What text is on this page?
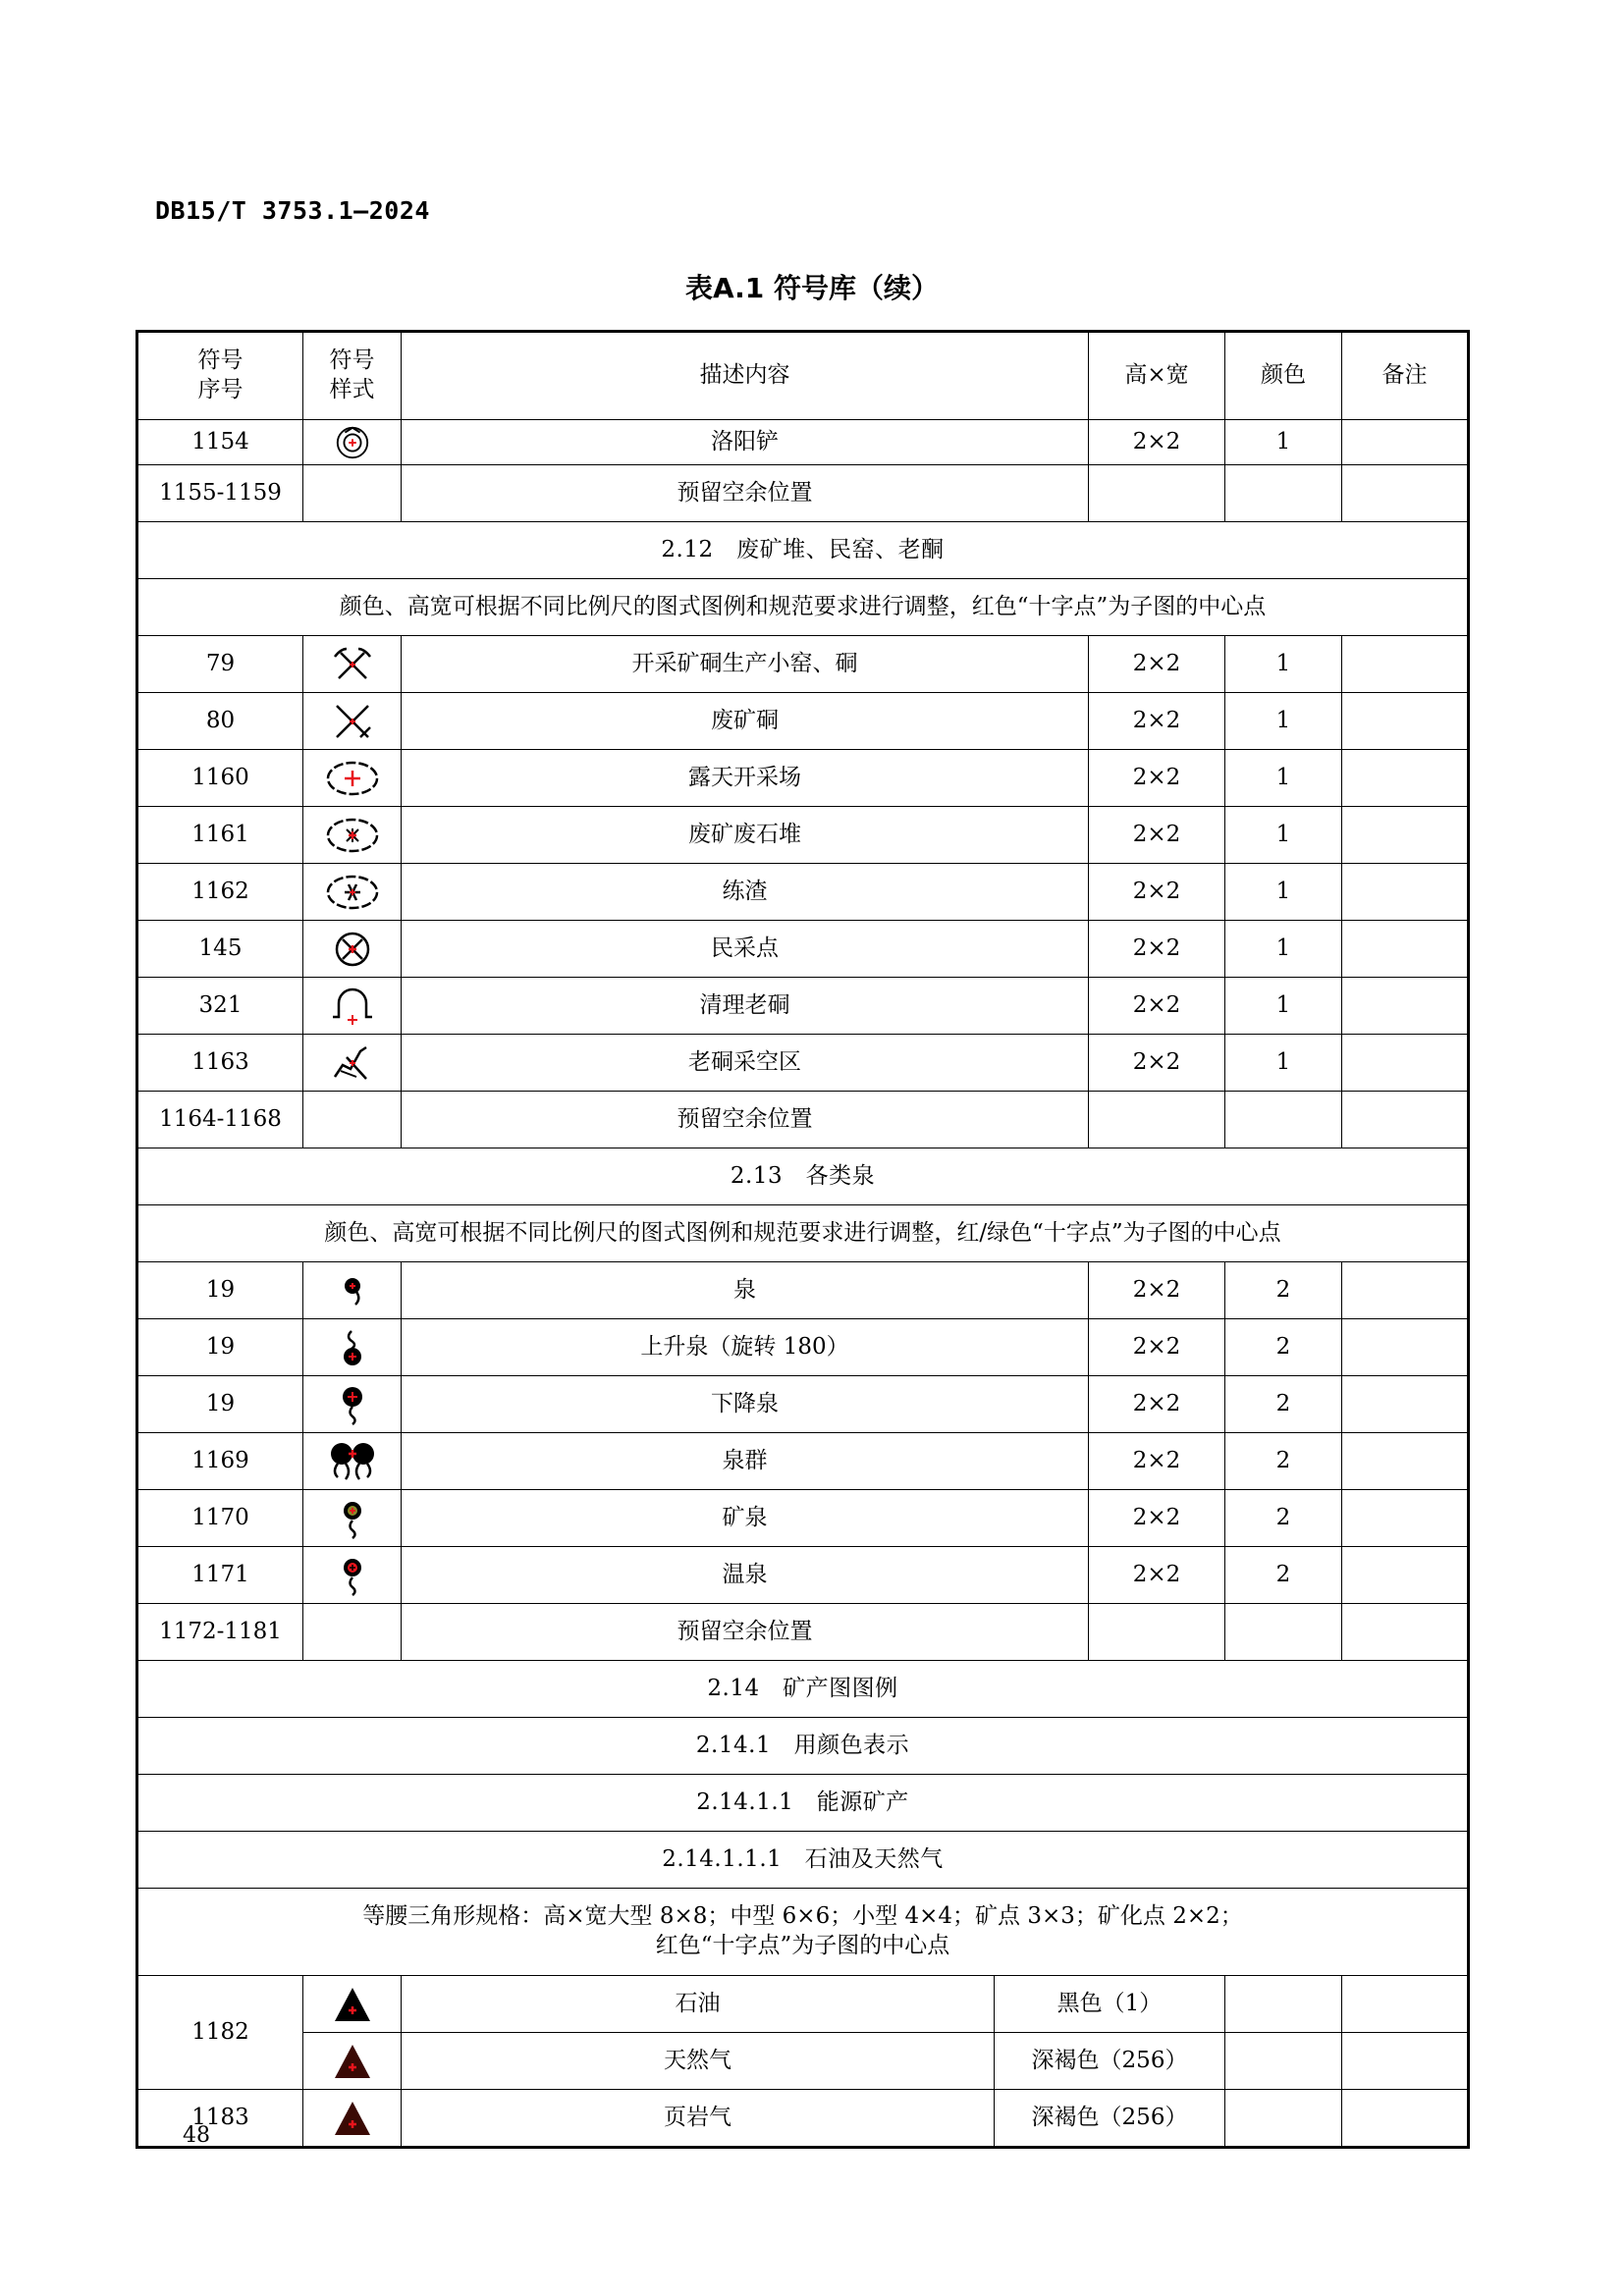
DB15/T 3753.1—2024
表A.1 符号库（续）
符号
序号	符号
样式	描述内容		高×宽	颜色	备注
1154		洛阳铲		2×2	1	
1155-1159		预留空余位置				
2.12　废矿堆、民窑、老酮						
颜色、高宽可根据不同比例尺的图式图例和规范要求进行调整，红色“十字点”为子图的中心点						
79		开采矿硐生产小窑、硐		2×2	1	
80		废矿硐		2×2	1	
1160		露天开采场		2×2	1	
1161		废矿废石堆		2×2	1	
1162		练渣		2×2	1	
145		民采点		2×2	1	
321		清理老硐		2×2	1	
1163		老硐采空区		2×2	1	
1164-1168		预留空余位置				
2.13　各类泉						
颜色、高宽可根据不同比例尺的图式图例和规范要求进行调整，红/绿色“十字点”为子图的中心点						
19		泉		2×2	2	
19		上升泉（旋转 180）		2×2	2	
19		下降泉		2×2	2	
1169		泉群		2×2	2	
1170		矿泉		2×2	2	
1171		温泉		2×2	2	
1172-1181		预留空余位置				
2.14　矿产图图例						
2.14.1　用颜色表示						
2.14.1.1　能源矿产						
2.14.1.1.1　石油及天然气						
等腰三角形规格：高×宽大型 8×8；中型 6×6；小型 4×4；矿点 3×3；矿化点 2×2；
红色“十字点”为子图的中心点						
1182		石油	黑色（1）			

	天然气	深褐色（256）			
1183		页岩气	深褐色（256）			
48
